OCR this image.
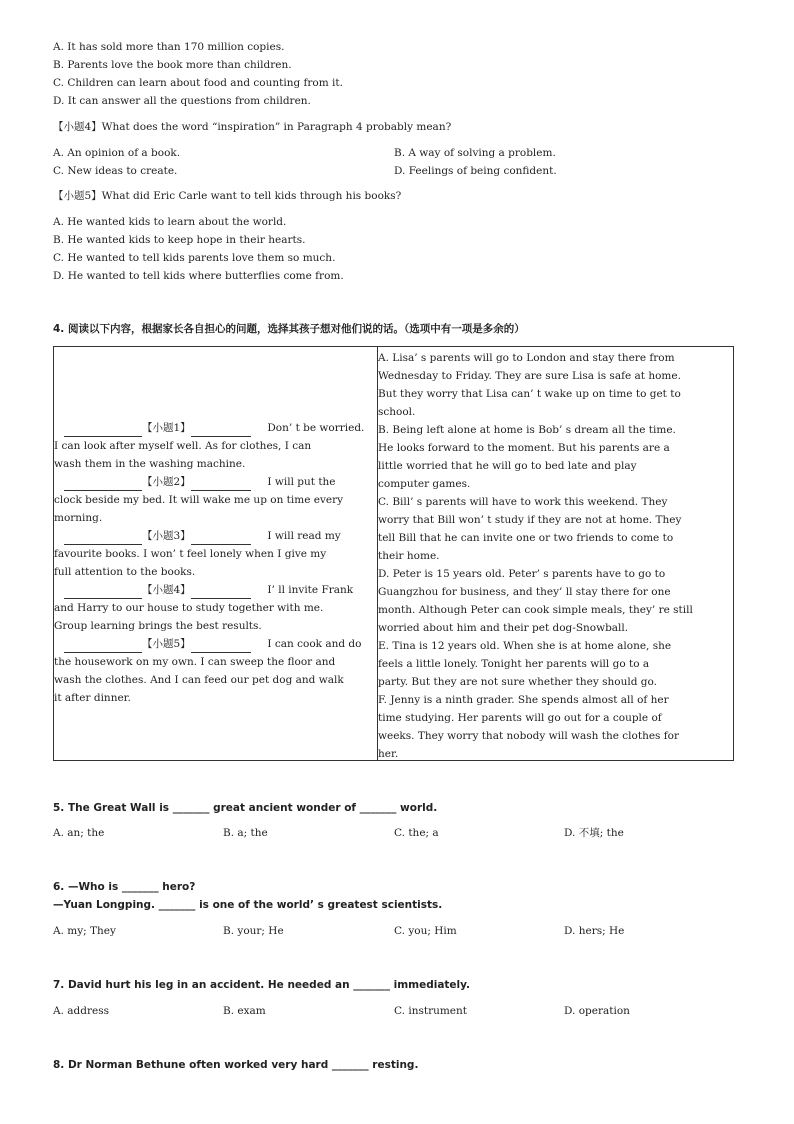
A. It has sold more than 170 million copies.
B. Parents love the book more than children.
C. Children can learn about food and counting from it.
D. It can answer all the questions from children.
【小题4】What does the word “inspiration” in Paragraph 4 probably mean?
A. An opinion of a book.	B. A way of solving a problem.
C. New ideas to create.	D. Feelings of being confident.
【小题5】What did Eric Carle want to tell kids through his books?
A. He wanted kids to learn about the world.
B. He wanted kids to keep hope in their hearts.
C. He wanted to tell kids parents love them so much.
D. He wanted to tell kids where butterflies come from.
4. 阅读以下内容，根据家长各自担心的问题，选择其孩子想对他们说的话。（选项中有一项是多余的）

【小题1】	Don’ t be worried.

I can look after myself well. As for clothes, I can

wash them in the washing machine.

【小题2】	I will put the

clock beside my bed. It will wake me up on time every

morning.

【小题3】	I will read my

favourite books. I won’ t feel lonely when I give my

full attention to the books.

【小题4】	I’ ll invite Frank

and Harry to our house to study together with me.

Group learning brings the best results.

【小题5】	I can cook and do

the housework on my own. I can sweep the floor and

wash the clothes. And I can feed our pet dog and walk

it after dinner.

A. Lisa’ s parents will go to London and stay there from

Wednesday to Friday. They are sure Lisa is safe at home.

But they worry that Lisa can’ t wake up on time to get to

school.

B. Being left alone at home is Bob’ s dream all the time.

He looks forward to the moment. But his parents are a

little worried that he will go to bed late and play

computer games.

C. Bill’ s parents will have to work this weekend. They

worry that Bill won’ t study if they are not at home. They

tell Bill that he can invite one or two friends to come to

their home.

D. Peter is 15 years old. Peter’ s parents have to go to

Guangzhou for business, and they’ ll stay there for one

month. Although Peter can cook simple meals, they’ re still

worried about him and their pet dog-Snowball.

E. Tina is 12 years old. When she is at home alone, she

feels a little lonely. Tonight her parents will go to a

party. But they are not sure whether they should go.

F. Jenny is a ninth grader. She spends almost all of her

time studying. Her parents will go out for a couple of

weeks. They worry that nobody will wash the clothes for

her.

5. The Great Wall is _______ great ancient wonder of _______ world.
A. an; the	B. a; the	C. the; a	D. 不填; the
6. —Who is _______ hero?
—Yuan Longping. _______ is one of the world’ s greatest scientists.
A. my; They	B. your; He	C. you; Him	D. hers; He
7. David hurt his leg in an accident. He needed an _______ immediately.
A. address	B. exam	C. instrument	D. operation
8. Dr Norman Bethune often worked very hard _______ resting.
